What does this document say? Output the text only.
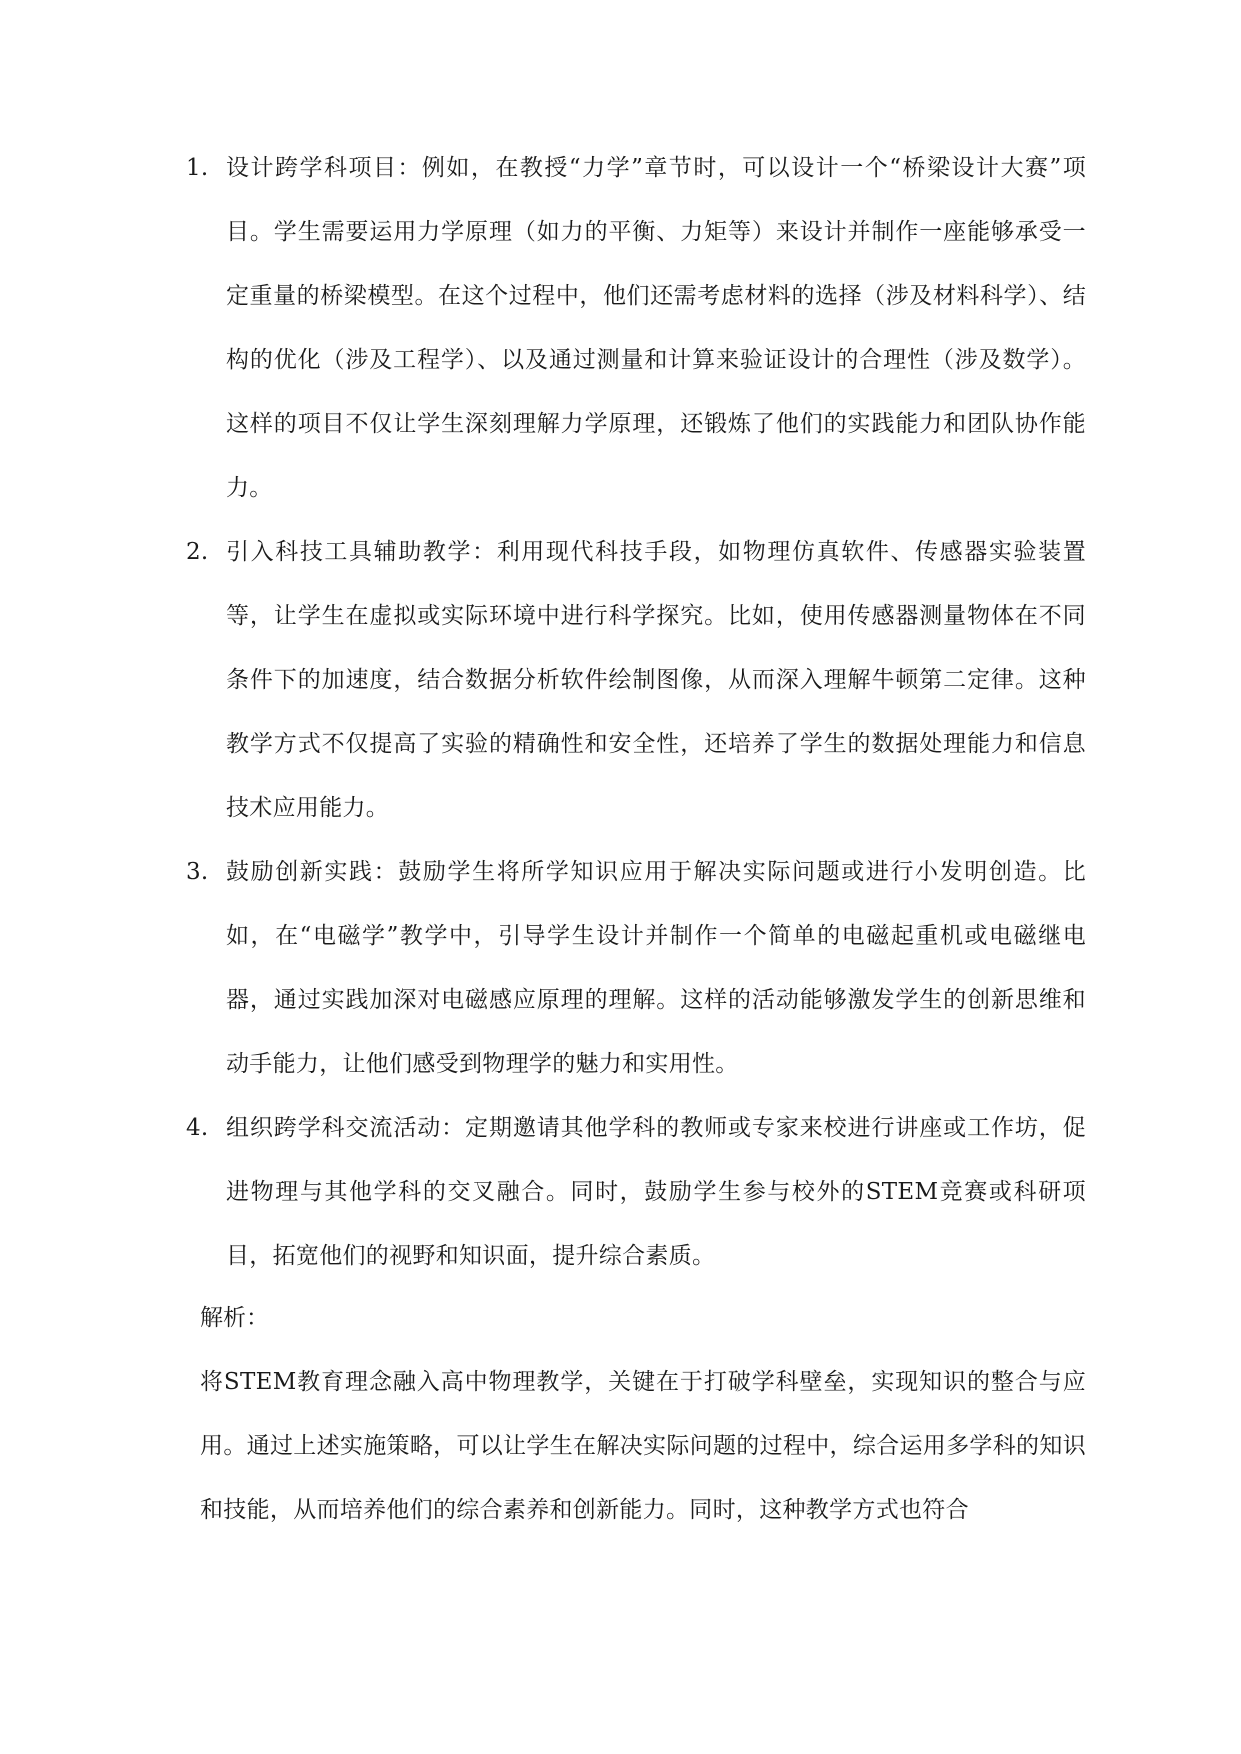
1. 设计跨学科项目：例如，在教授“力学”章节时，可以设计一个“桥梁设计大赛”项目。学生需要运用力学原理（如力的平衡、力矩等）来设计并制作一座能够承受一定重量的桥梁模型。在这个过程中，他们还需考虑材料的选择（涉及材料科学）、结构的优化（涉及工程学）、以及通过测量和计算来验证设计的合理性（涉及数学）。这样的项目不仅让学生深刻理解力学原理，还锻炼了他们的实践能力和团队协作能力。
2. 引入科技工具辅助教学：利用现代科技手段，如物理仿真软件、传感器实验装置等，让学生在虚拟或实际环境中进行科学探究。比如，使用传感器测量物体在不同条件下的加速度，结合数据分析软件绘制图像，从而深入理解牛顿第二定律。这种教学方式不仅提高了实验的精确性和安全性，还培养了学生的数据处理能力和信息技术应用能力。
3. 鼓励创新实践：鼓励学生将所学知识应用于解决实际问题或进行小发明创造。比如，在“电磁学”教学中，引导学生设计并制作一个简单的电磁起重机或电磁继电器，通过实践加深对电磁感应原理的理解。这样的活动能够激发学生的创新思维和动手能力，让他们感受到物理学的魅力和实用性。
4. 组织跨学科交流活动：定期邀请其他学科的教师或专家来校进行讲座或工作坊，促进物理与其他学科的交叉融合。同时，鼓励学生参与校外的STEM竞赛或科研项目，拓宽他们的视野和知识面，提升综合素质。
解析：

将STEM教育理念融入高中物理教学，关键在于打破学科壁垒，实现知识的整合与应用。通过上述实施策略，可以让学生在解决实际问题的过程中，综合运用多学科的知识和技能，从而培养他们的综合素养和创新能力。同时，这种教学方式也符合
